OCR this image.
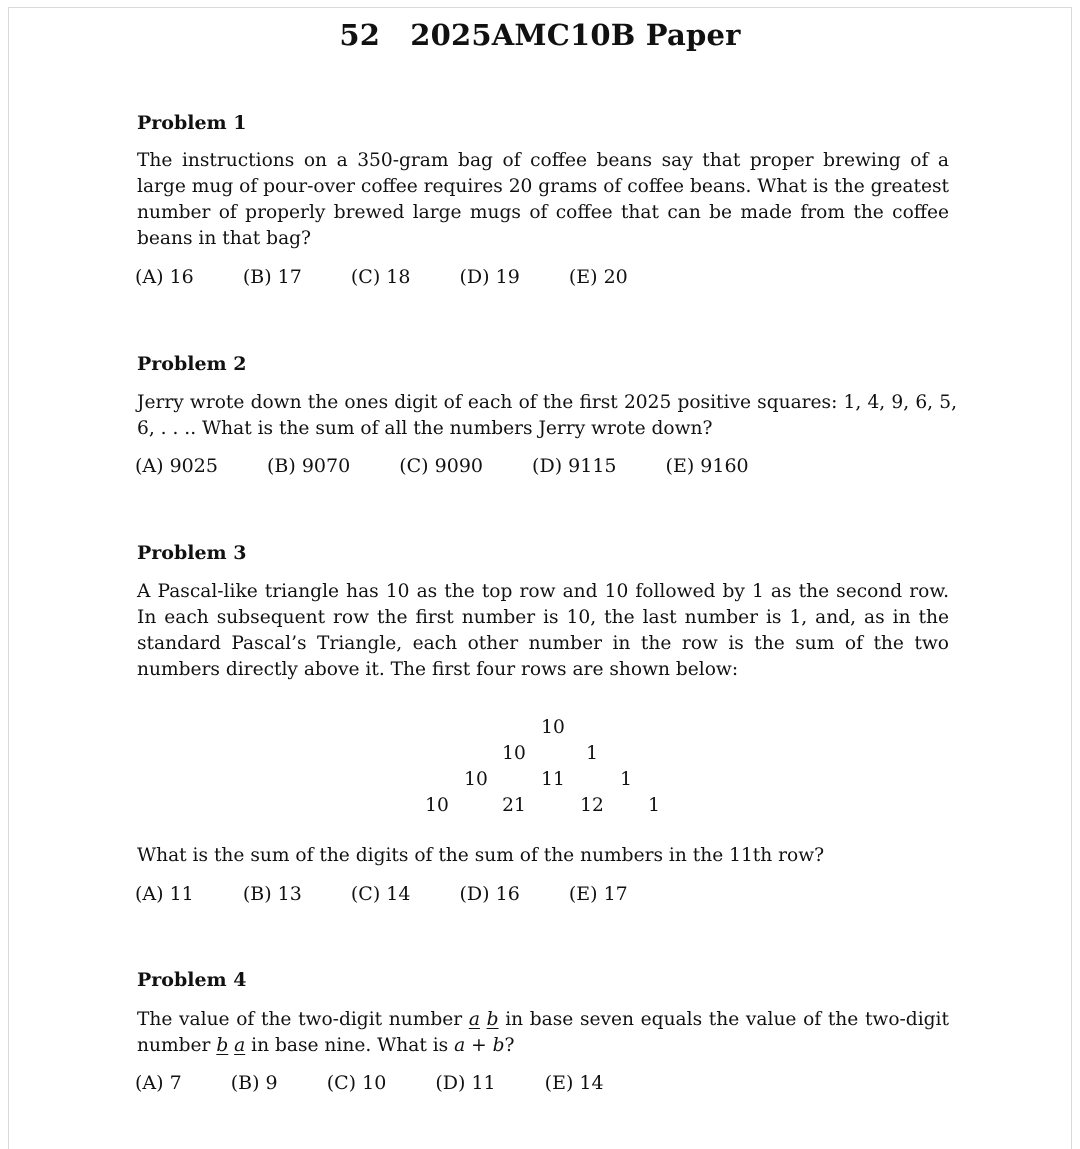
52 2025AMC10B Paper
Problem 1

The instructions on a 350-gram bag of coffee beans say that proper brewing of a large mug of pour-over coffee requires 20 grams of coffee beans. What is the greatest number of properly brewed large mugs of coffee that can be made from the coffee beans in that bag?

(A) 16	(B) 17	(C) 18	(D) 19	(E) 20
Problem 2

Jerry wrote down the ones digit of each of the first 2025 positive squares: 1, 4, 9, 6, 5, 6, . . .. What is the sum of all the numbers Jerry wrote down?

(A) 9025	(B) 9070	(C) 9090	(D) 9115	(E) 9160
Problem 3

A Pascal-like triangle has 10 as the top row and 10 followed by 1 as the second row. In each subsequent row the first number is 10, the last number is 1, and, as in the standard Pascal’s Triangle, each other number in the row is the sum of the two numbers directly above it. The first four rows are shown below:

10
10	1
10	11	1
10	21	12 1

What is the sum of the digits of the sum of the numbers in the 11th row?

(A) 11	(B) 13	(C) 14	(D) 16	(E) 17
Problem 4

The value of the two-digit number a b in base seven equals the value of the two-digit number b a in base nine. What is a + b?

(A) 7	(B) 9	(C) 10	(D) 11	(E) 14
